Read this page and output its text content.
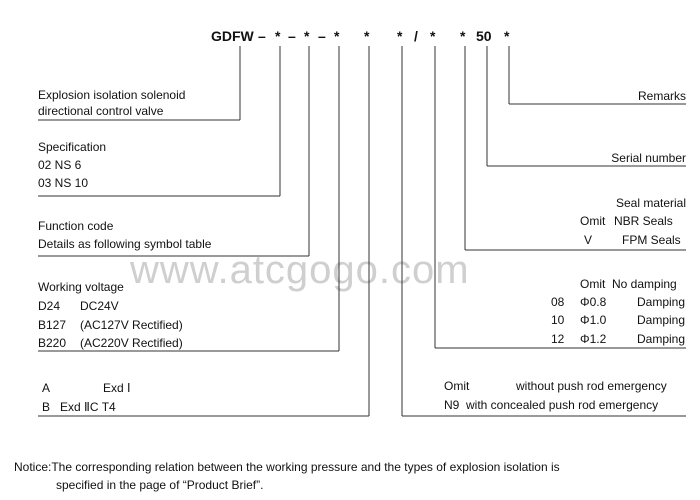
www.atcgogo.com
GDFW – * – * – * * * / * * 50 *
Explosion isolation solenoid
directional control valve
Specification
02 NS 6
03 NS 10
Function code
Details as following symbol table
Working voltage
D24 DC24V
B127 (AC127V Rectified)
B220 (AC220V Rectified)
A	Exd Ⅰ
B Exd ⅡC T4
Remarks
Serial number
Seal material
Omit NBR Seals
V FPM Seals
Omit No damping
08 Φ0.8	Damping
10 Φ1.0	Damping
12 Φ1.2	Damping
Omit	without push rod emergency
N9 with concealed push rod emergency
Notice:The corresponding relation between the working pressure and the types of explosion isolation is
specified in the page of “Product Brief”.
